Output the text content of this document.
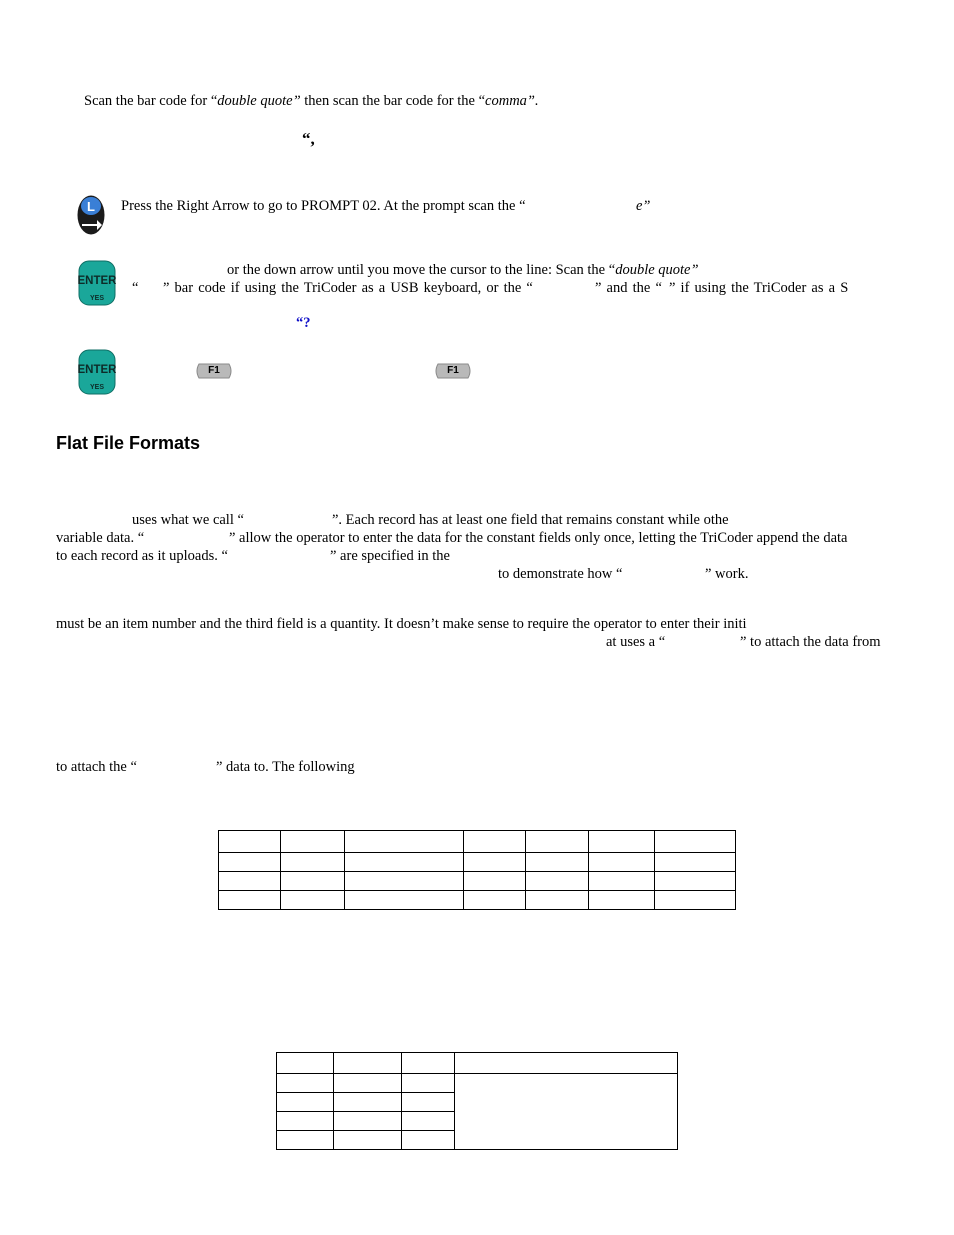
Scan the bar code for “double quote” then scan the bar code for the “comma”.
“,
L Press the Right Arrow to go to PROMPT 02. At the prompt scan the “	e”
ENTER
YES
or the down arrow until you move the cursor to the line: Scan the “double quote”
“ ” bar code if using the TriCoder as a USB keyboard, or the “	” and the “ ” if using the TriCoder as a S
“?
ENTER
YES
F1	F1
Flat File Formats
uses what we call “	”. Each record has at least one field that remains constant while othe
variable data. “	” allow the operator to enter the data for the constant fields only once, letting the TriCoder append the data
to each record as it uploads. “	” are specified in the
to demonstrate how “	” work.
must be an item number and the third field is a quantity. It doesn’t make sense to require the operator to enter their initi
at uses a “	” to attach the data from
to attach the “	” data to. The following
